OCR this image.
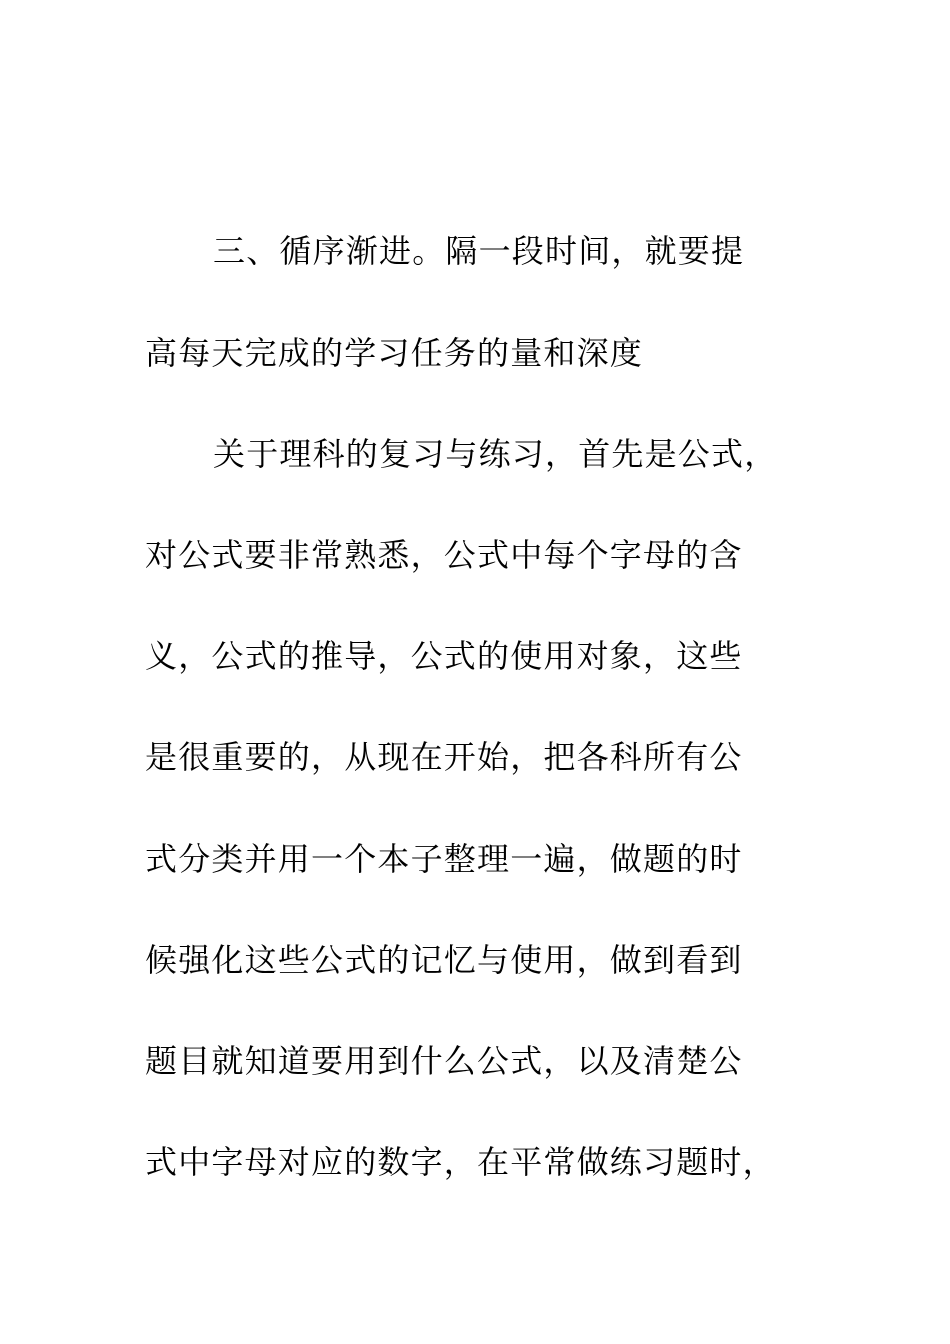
三、循序渐进。隔一段时间，就要提
高每天完成的学习任务的量和深度
关于理科的复习与练习，首先是公式，
对公式要非常熟悉，公式中每个字母的含
义，公式的推导，公式的使用对象，这些
是很重要的，从现在开始，把各科所有公
式分类并用一个本子整理一遍，做题的时
候强化这些公式的记忆与使用，做到看到
题目就知道要用到什么公式，以及清楚公
式中字母对应的数字，在平常做练习题时，
